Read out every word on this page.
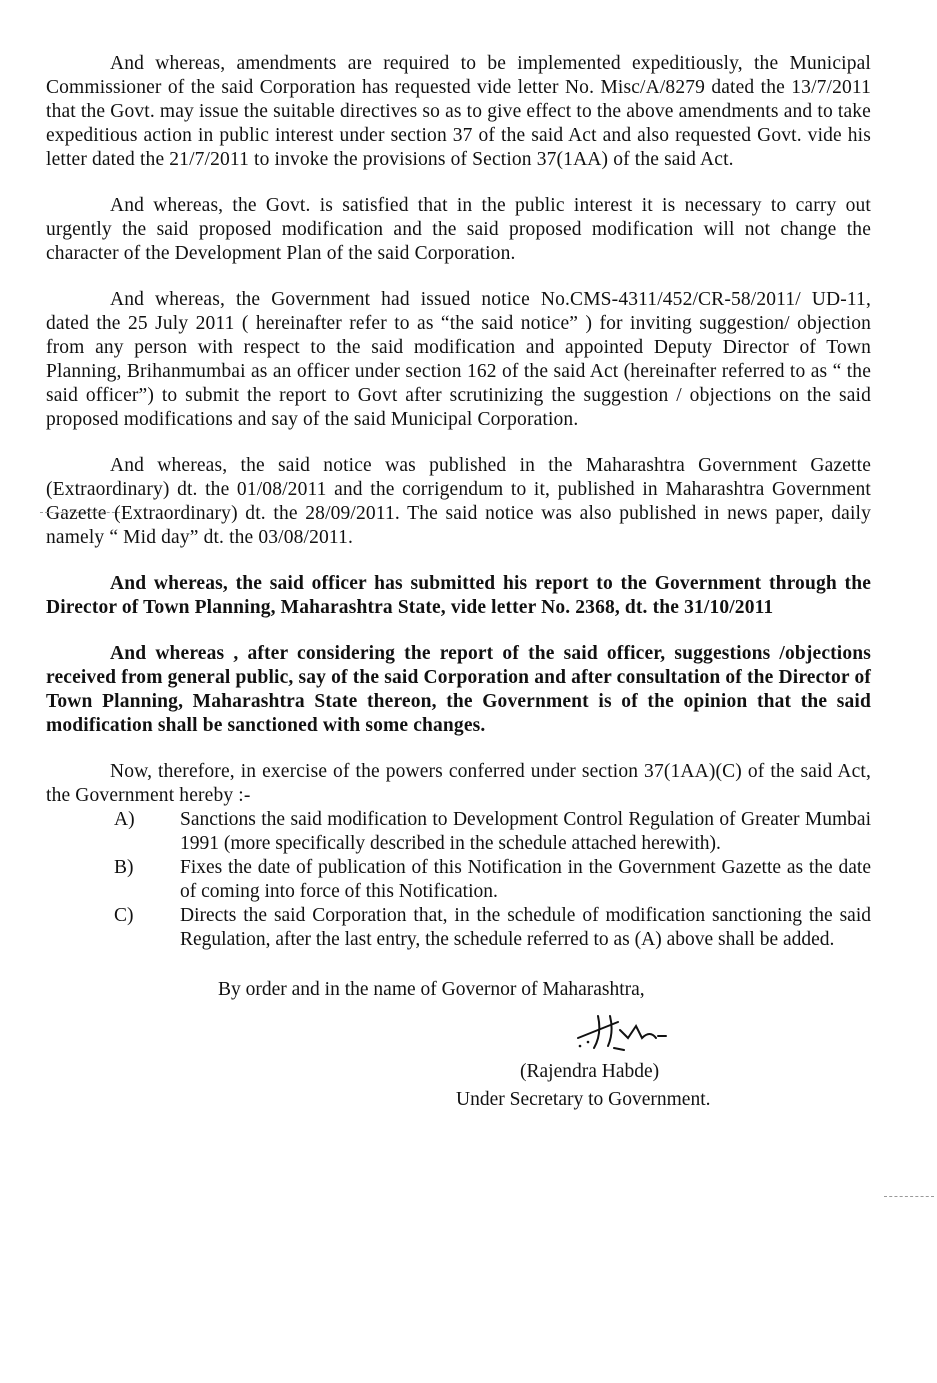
And whereas, amendments are required to be implemented expeditiously, the Municipal Commissioner of the said Corporation has requested vide letter No. Misc/A/8279 dated the 13/7/2011 that the Govt. may issue the suitable directives so as to give effect to the above amendments and to take expeditious action in public interest under section 37 of the said Act and also requested Govt. vide his letter dated the 21/7/2011 to invoke the provisions of Section 37(1AA) of the said Act.

And whereas, the Govt. is satisfied that in the public interest it is necessary to carry out urgently the said proposed modification and the said proposed modification will not change the character of the Development Plan of the said Corporation.

And whereas, the Government had issued notice No.CMS-4311/452/CR-58/2011/ UD-11, dated the 25 July 2011 ( hereinafter refer to as “the said notice” ) for inviting suggestion/ objection from any person with respect to the said modification and appointed Deputy Director of Town Planning, Brihanmumbai as an officer under section 162 of the said Act (hereinafter referred to as “ the said officer”) to submit the report to Govt after scrutinizing the suggestion / objections on the said proposed modifications and say of the said Municipal Corporation.

And whereas, the said notice was published in the Maharashtra Government Gazette (Extraordinary) dt. the 01/08/2011 and the corrigendum to it, published in Maharashtra Government Gazette (Extraordinary) dt. the 28/09/2011. The said notice was also published in news paper, daily namely “ Mid day” dt. the 03/08/2011.

And whereas, the said officer has submitted his report to the Government through the Director of Town Planning, Maharashtra State, vide letter No. 2368, dt. the 31/10/2011

And whereas , after considering the report of the said officer, suggestions /objections received from general public, say of the said Corporation and after consultation of the Director of Town Planning, Maharashtra State thereon, the Government is of the opinion that the said modification shall be sanctioned with some changes.

Now, therefore, in exercise of the powers conferred under section 37(1AA)(C) of the said Act, the Government hereby :-

A)	Sanctions the said modification to Development Control Regulation of Greater Mumbai 1991 (more specifically described in the schedule attached herewith).
B)	Fixes the date of publication of this Notification in the Government Gazette as the date of coming into force of this Notification.
C)	Directs the said Corporation that, in the schedule of modification sanctioning the said Regulation, after the last entry, the schedule referred to as (A) above shall be added.
By order and in the name of Governor of Maharashtra,
(Rajendra Habde)
Under Secretary to Government.
